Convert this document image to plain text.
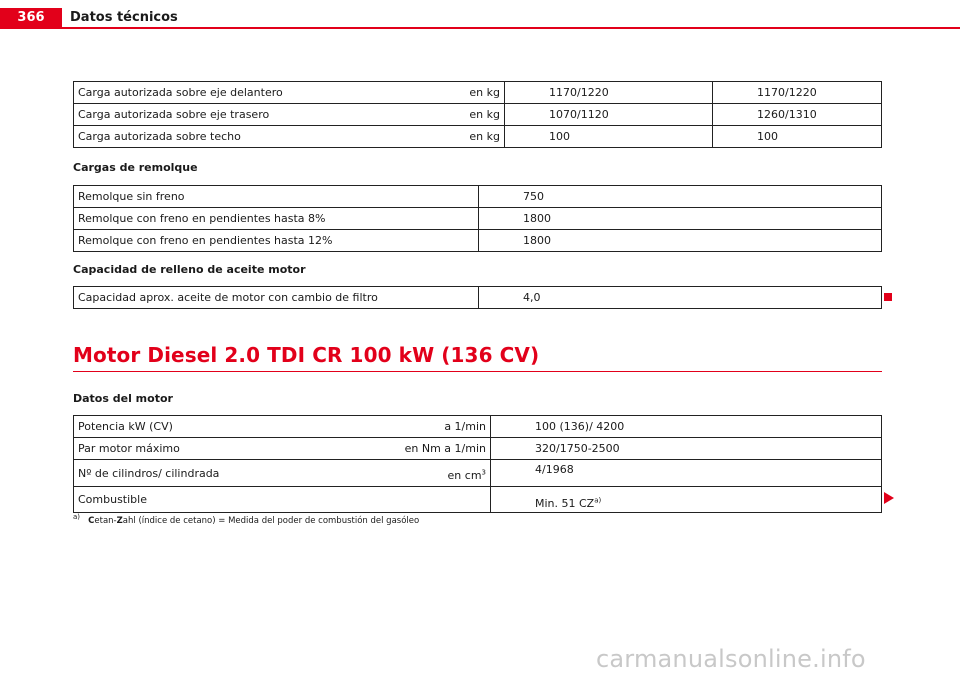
366	Datos técnicos
Carga autorizada sobre eje delantero	en kg	1170/1220	1170/1220
Carga autorizada sobre eje trasero	en kg	1070/1120	1260/1310
Carga autorizada sobre techo	en kg	100	100
Cargas de remolque
Remolque sin freno	750
Remolque con freno en pendientes hasta 8%	1800
Remolque con freno en pendientes hasta 12%	1800
Capacidad de relleno de aceite motor
Capacidad aprox. aceite de motor con cambio de filtro	4,0
Motor Diesel 2.0 TDI CR 100 kW (136 CV)
Datos del motor
Potencia kW (CV)	a 1/min	100 (136)/ 4200
Par motor máximo	en Nm a 1/min	320/1750-2500
Nº de cilindros/ cilindrada	en $cm^3$	4/1968
Combustible		Min. 51 CZ$^{a)}$
$^{a)}$ Cetan-Zahl (índice de cetano) = Medida del poder de combustión del gasóleo
carmanualsonline.info
